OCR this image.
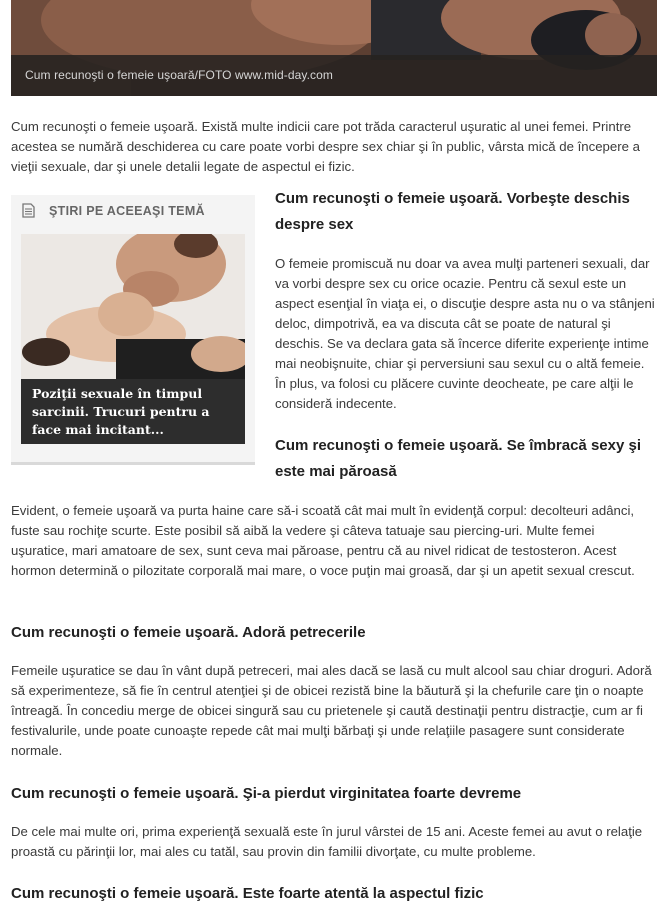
Cum recunoşti o femeie uşoară/FOTO www.mid-day.com

Cum recunoşti o femeie uşoară. Există multe indicii care pot trăda caracterul uşuratic al unei femei. Printre acestea se numără deschiderea cu care poate vorbi despre sex chiar şi în public, vârsta mică de începere a vieţii sexuale, dar şi unele detalii legate de aspectul ei fizic.

ŞTIRI PE ACEEAŞI TEMĂ
Poziţii sexuale în timpul sarcinii. Trucuri pentru a face mai incitant...
Cum recunoşti o femeie uşoară. Vorbeşte deschis despre sex

O femeie promiscuă nu doar va avea mulţi parteneri sexuali, dar va vorbi despre sex cu orice ocazie. Pentru că sexul este un aspect esenţial în viaţa ei, o discuţie despre asta nu o va stânjeni deloc, dimpotrivă, ea va discuta cât se poate de natural şi deschis. Se va declara gata să încerce diferite experienţe intime mai neobişnuite, chiar şi perversiuni sau sexul cu o altă femeie. În plus, va folosi cu plăcere cuvinte deocheate, pe care alţii le consideră indecente.

Cum recunoşti o femeie uşoară. Se îmbracă sexy şi este mai păroasă

Evident, o femeie uşoară va purta haine care să-i scoată cât mai mult în evidenţă corpul: decolteuri adânci, fuste sau rochiţe scurte. Este posibil să aibă la vedere şi câteva tatuaje sau piercing-uri. Multe femei uşuratice, mari amatoare de sex, sunt ceva mai păroase, pentru că au nivel ridicat de testosteron. Acest hormon determină o pilozitate corporală mai mare, o voce puţin mai groasă, dar şi un apetit sexual crescut.

Cum recunoşti o femeie uşoară. Adoră petrecerile

Femeile uşuratice se dau în vânt după petreceri, mai ales dacă se lasă cu mult alcool sau chiar droguri. Adoră să experimenteze, să fie în centrul atenţiei şi de obicei rezistă bine la băutură şi la chefurile care ţin o noapte întreagă. În concediu merge de obicei singură sau cu prietenele şi caută destinaţii pentru distracţie, cum ar fi festivalurile, unde poate cunoaşte repede cât mai mulţi bărbaţi şi unde relaţiile pasagere sunt considerate normale.

Cum recunoşti o femeie uşoară. Şi-a pierdut virginitatea foarte devreme

De cele mai multe ori, prima experienţă sexuală este în jurul vârstei de 15 ani. Aceste femei au avut o relaţie proastă cu părinţii lor, mai ales cu tatăl, sau provin din familii divorţate, cu multe probleme.

Cum recunoşti o femeie uşoară. Este foarte atentă la aspectul fizic
